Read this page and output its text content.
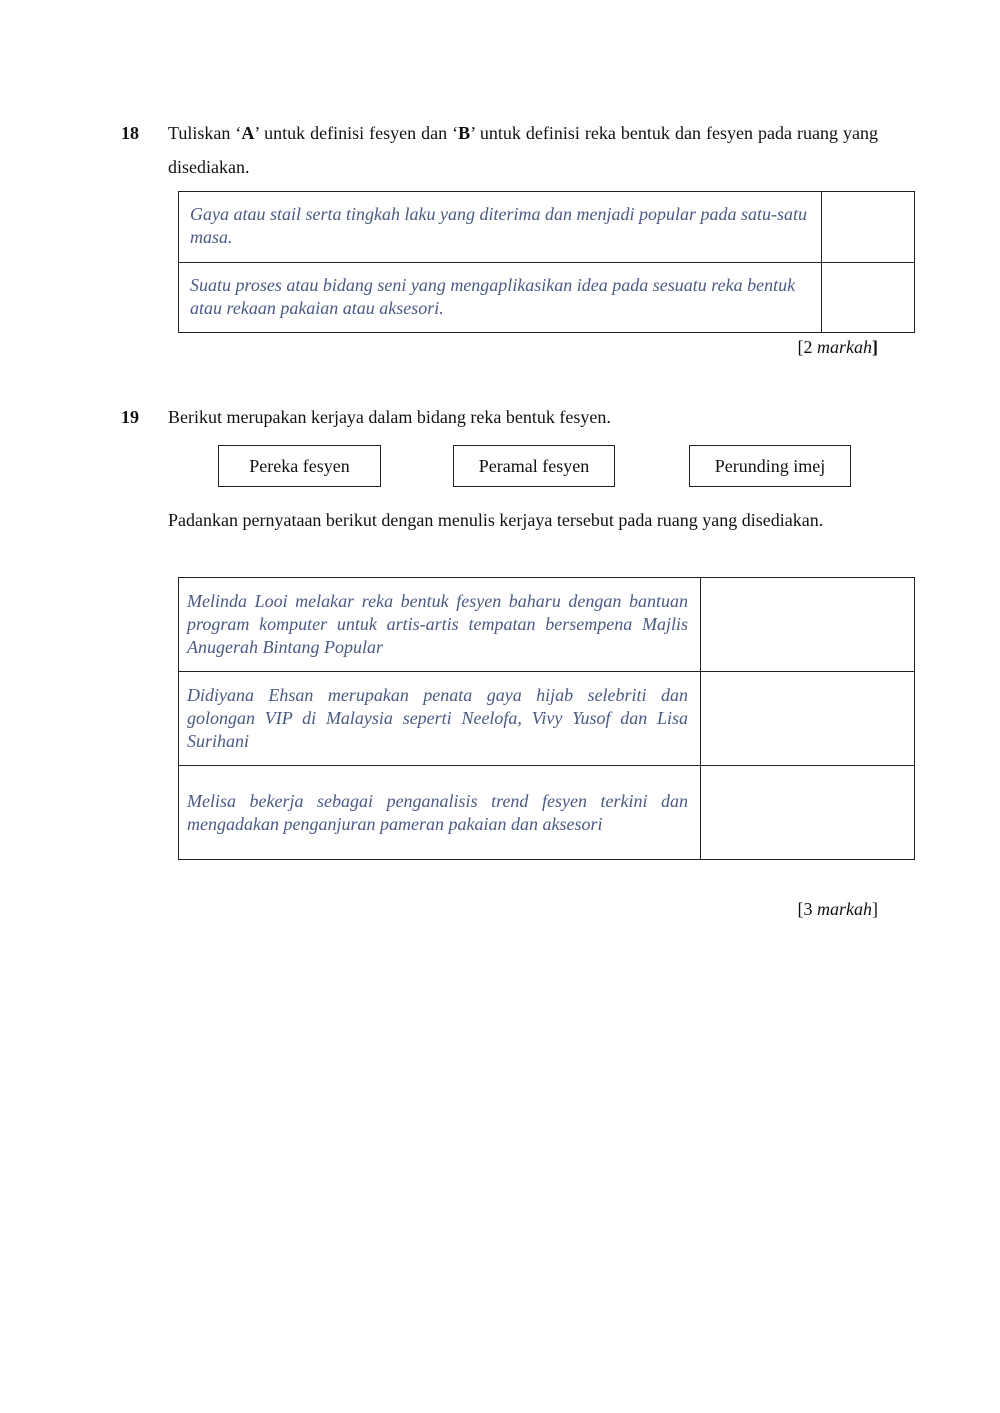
18 Tuliskan ‘A’ untuk definisi fesyen dan ‘B’ untuk definisi reka bentuk dan fesyen pada ruang yang disediakan.
Gaya atau stail serta tingkah laku yang diterima dan menjadi popular pada satu-satu masa.	
Suatu proses atau bidang seni yang mengaplikasikan idea pada sesuatu reka bentuk atau rekaan pakaian atau aksesori.	
[2 markah]
19 Berikut merupakan kerjaya dalam bidang reka bentuk fesyen.
Pereka fesyen	Peramal fesyen	Perunding imej
Padankan pernyataan berikut dengan menulis kerjaya tersebut pada ruang yang disediakan.
Melinda Looi melakar reka bentuk fesyen baharu dengan bantuan program komputer untuk artis-artis tempatan bersempena Majlis Anugerah Bintang Popular	
Didiyana Ehsan merupakan penata gaya hijab selebriti dan golongan VIP di Malaysia seperti Neelofa, Vivy Yusof dan Lisa Surihani	
Melisa bekerja sebagai penganalisis trend fesyen terkini dan mengadakan penganjuran pameran pakaian dan aksesori	
[3 markah]
